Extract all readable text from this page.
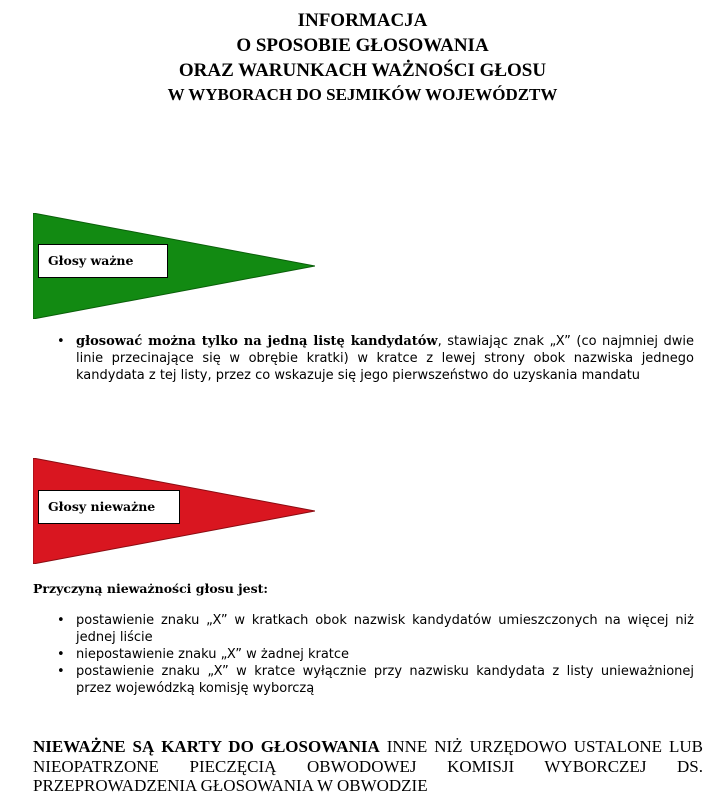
INFORMACJA
O SPOSOBIE GŁOSOWANIA
ORAZ WARUNKACH WAŻNOŚCI GŁOSU
W WYBORACH DO SEJMIKÓW WOJEWÓDZTW
Głosy ważne
• głosować można tylko na jedną listę kandydatów, stawiając znak „X” (co najmniej dwie linie przecinające się w obrębie kratki) w kratce z lewej strony obok nazwiska jednego kandydata z tej listy, przez co wskazuje się jego pierwszeństwo do uzyskania mandatu
Głosy nieważne
Przyczyną nieważności głosu jest:
• postawienie znaku „X” w kratkach obok nazwisk kandydatów umieszczonych na więcej niż jednej liście
• niepostawienie znaku „X” w żadnej kratce
• postawienie znaku „X” w kratce wyłącznie przy nazwisku kandydata z listy unieważnionej przez wojewódzką komisję wyborczą
NIEWAŻNE SĄ KARTY DO GŁOSOWANIA INNE NIŻ URZĘDOWO USTALONE LUB NIEOPATRZONE PIECZĘCIĄ OBWODOWEJ KOMISJI WYBORCZEJ DS. PRZEPROWADZENIA GŁOSOWANIA W OBWODZIE
